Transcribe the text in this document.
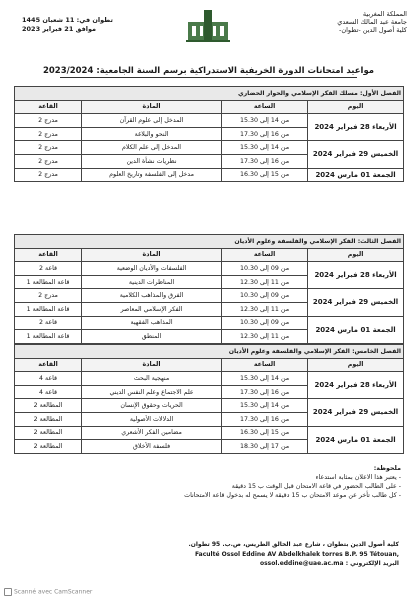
المملكة المغربية
جامعة عبد المالك السعدي
كلية أصول الدين -تطوان-
تطوان في: 11 شعبان 1445
موافق 21 فبراير 2023
مواعيد امتحانات الدورة الخريفية الاستدراكية برسم السنة الجامعية: 2023/2024
الفصل الأول: مسلك الفكر الإسلامي والحوار الحضاري			
اليوم	الساعة	المادة	القاعة
الأربعاء 28 فبراير 2024	من 14 إلى 15.30	المدخل إلى علوم القرآن	مدرج 2
	من 16 إلى 17.30	النحو والبلاغة	مدرج 2
الخميس 29 فبراير 2024	من 14 إلى 15.30	المدخل إلى علم الكلام	مدرج 2
	من 16 إلى 17.30	نظريات نشأة الدين	مدرج 2
الجمعة 01 مارس 2024	من 15 إلى 16.30	مدخل إلى الفلسفة وتاريخ العلوم	مدرج 2
الفصل الثالث: الفكر الإسلامي والفلسفة وعلوم الأديان			
اليوم	الساعة	المادة	القاعة
الأربعاء 28 فبراير 2024	من 09 إلى 10.30	الفلسفات والأديان الوضعية	قاعة 2
	من 11 إلى 12.30	المناظرات الدينية	قاعة المطالعة 1
الخميس 29 فبراير 2024	من 09 إلى 10.30	الفرق والمذاهب الكلامية	مدرج 2
	من 11 إلى 12.30	الفكر الإسلامي المعاصر	قاعة المطالعة 1
الجمعة 01 مارس 2024	من 09 إلى 10.30	المذاهب الفقهية	قاعة 2
	من 11 إلى 12.30	المنطق	قاعة المطالعة 1
الفصل الخامس: الفكر الإسلامي والفلسفة وعلوم الأديان			
اليوم	الساعة	المادة	القاعة
الأربعاء 28 فبراير 2024	من 14 إلى 15.30	منهجية البحث	قاعة 4
	من 16 إلى 17.30	علم الاجتماع وعلم النفس الديني	قاعة 4
الخميس 29 فبراير 2024	من 14 إلى 15.30	الحريات وحقوق الإنسان	المطالعة 2
	من 16 إلى 17.30	الدلالات الأصولية	المطالعة 2
الجمعة 01 مارس 2024	من 15 إلى 16.30	مضامين الفكر الأشعري	المطالعة 2
	من 17 إلى 18.30	فلسفة الأخلاق	المطالعة 2
ملحوظة:
- يعتبر هذا الاعلان بمثابة استدعاء
- على الطالب الحضور في قاعة الامتحان قبل الوقت ب 15 دقيقة
- كل طالب تأخر عن موعد الامتحان ب 15 دقيقة لا يسمح له بدخول قاعة الامتحانات
كلية أصول الدين بتطوان ، شارع عبد الخالق الطريس، ص.ب. 95 تطوان.
Faculté Ossol Eddine AV Abdelkhalek torres B.P. 95 Tétouan,
البريد الإلكتروني : ossol.eddine@uae.ac.ma
Scanné avec CamScanner
